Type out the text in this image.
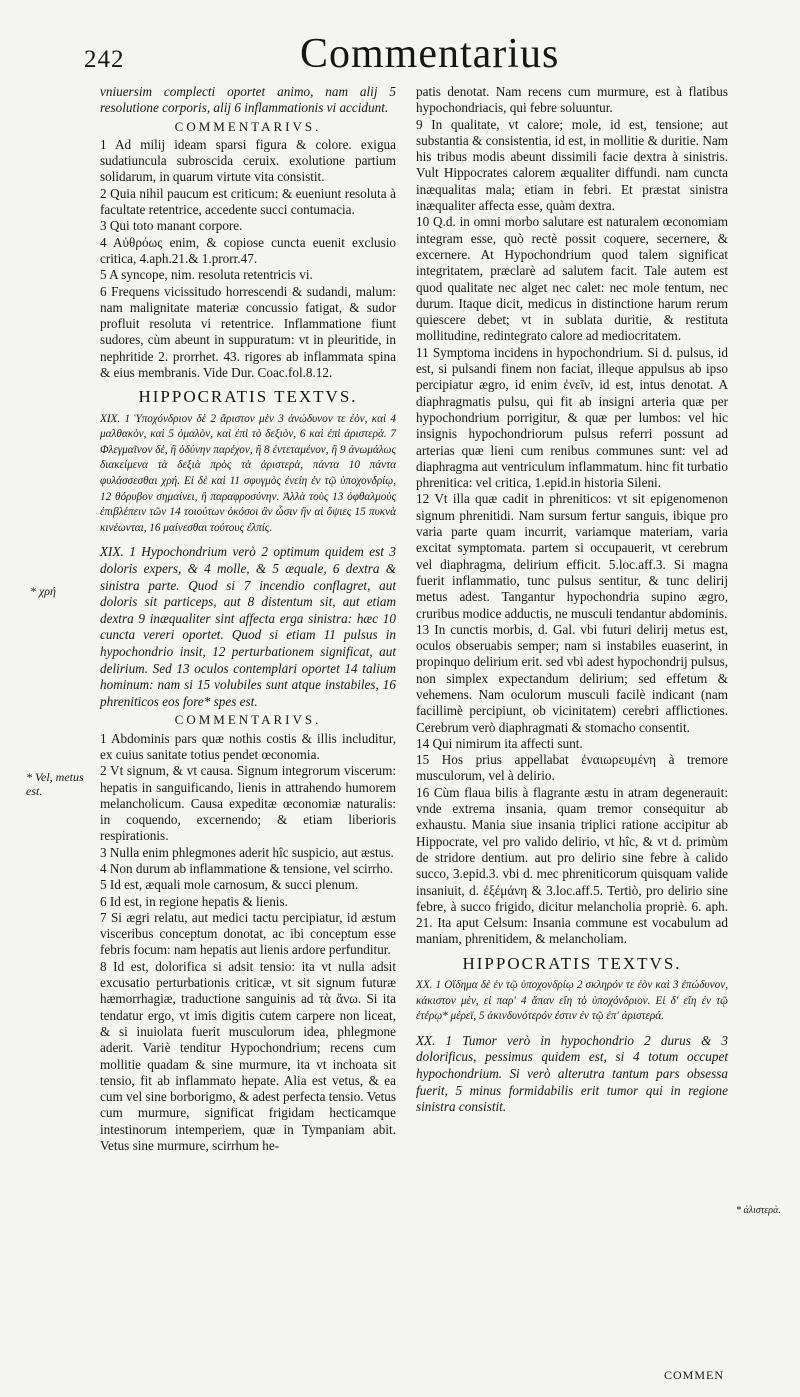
242	Commentarius

vniuersim complecti oportet animo, nam alij 5 resolutione corporis, alij 6 inflammationis vi accidunt.

COMMENTARIVS.

1 Ad milij ideam sparsi figura & colore. exigua sudatiuncula subroscida ceruix. exolutione partium solidarum, in quarum virtute vita consistit.

2 Quia nihil paucum est criticum: & eueniunt resoluta à facultate retentrice, accedente succi contumacia.

3 Qui toto manant corpore.

4 Αὐθρόως enim, & copiose cuncta euenit exclusio critica, 4.aph.21.& 1.prorr.47.

5 A syncope, nim. resoluta retentricis vi.

6 Frequens vicissitudo horrescendi & sudandi, malum: nam malignitate materiæ concussio fatigat, & sudor profluit resoluta vi retentrice. Inflammatione fiunt sudores, cùm abeunt in suppuratum: vt in pleuritide, in nephritide 2. prorrhet. 43. rigores ab inflammata spina & eius membranis. Vide Dur. Coac.fol.8.12.

HIPPOCRATIS TEXTVS.

XIX. 1 Ὑποχόνδριον δὲ 2 ἄριστον μὲν 3 ἀνώδυνον τε ἐὸν, καὶ 4 μαλθακὸν, καὶ 5 ὁμαλὸν, καὶ ἐπὶ τὸ δεξιὸν, 6 καὶ ἐπὶ ἀριστερά. 7 Φλεγμαῖνον δὲ, ἢ ὀδύνην παρέχον, ἢ 8 ἐντεταμένον, ἢ 9 ἀνωμάλως διακείμενα τὰ δεξιὰ πρὸς τὰ ἀριστερὰ, πάντα 10 πάντα φυλάσσεσθαι χρή. Εἰ δὲ καὶ 11 σφυγμὸς ἐνείη ἐν τῷ ὑποχονδρίῳ, 12 θόρυβον σημαίνει, ἢ παραφροσύνην. Ἀλλὰ τοὺς 13 ὀφθαλμοὺς ἐπιβλέπειν τῶν 14 τοιούτων ὁκόσοι ἂν ὦσιν ἢν αἱ ὄψιες 15 πυκνὰ κινέωνται, 16 μαίνεσθαι τούτους ἐλπίς.

XIX. 1 Hypochondrium verò 2 optimum quidem est 3 doloris expers, & 4 molle, & 5 æquale, 6 dextra & sinistra parte. Quod si 7 incendio conflagret, aut doloris sit particeps, aut 8 distentum sit, aut etiam dextra 9 inæqualiter sint affecta erga sinistra: hæc 10 cuncta vereri oportet. Quod si etiam 11 pulsus in hypochondrio insit, 12 perturbationem significat, aut delirium. Sed 13 oculos contemplari oportet 14 talium hominum: nam si 15 volubiles sunt atque instabiles, 16 phreniticos eos fore* spes est.

COMMENTARIVS.

1 Abdominis pars quæ nothis costis & illis includitur, ex cuius sanitate totius pendet œconomia.

2 Vt signum, & vt causa. Signum integrorum viscerum: hepatis in sanguificando, lienis in attrahendo humorem melancholicum. Causa expeditæ œconomiæ naturalis: in coquendo, excernendo; & etiam liberioris respirationis.

3 Nulla enim phlegmones aderit hîc suspicio, aut æstus.

4 Non durum ab inflammatione & tensione, vel scirrho.

5 Id est, æquali mole carnosum, & succi plenum.

6 Id est, in regione hepatis & lienis.

7 Si ægri relatu, aut medici tactu percipiatur, id æstum visceribus conceptum donotat, ac ibi conceptum esse febris focum: nam hepatis aut lienis ardore perfunditur.

8 Id est, dolorifica si adsit tensio: ita vt nulla adsit excusatio perturbationis criticæ, vt sit signum futuræ hæmorrhagiæ, traductione sanguinis ad τὰ ἄνω. Si ita tendatur ergo, vt imis digitis cutem carpere non liceat, & si inuiolata fuerit musculorum idea, phlegmone aderit. Variè tenditur Hypochondrium; recens cum mollitie quadam & sine murmure, ita vt inchoata sit tensio, fit ab inflammato hepate. Alia est vetus, & ea cum vel sine borborigmo, & adest perfecta tensio. Vetus cum murmure, significat frigidam hecticamque intestinorum intemperiem, quæ in Tympaniam abit. Vetus sine murmure, scirrhum he-

patis denotat. Nam recens cum murmure, est à flatibus hypochondriacis, qui febre soluuntur.

9 In qualitate, vt calore; mole, id est, tensione; aut substantia & consistentia, id est, in mollitie & duritie. Nam his tribus modis abeunt dissimili facie dextra à sinistris. Vult Hippocrates calorem æqualiter diffundi. nam cuncta inæqualitas mala; etiam in febri. Et præstat sinistra inæqualiter affecta esse, quàm dextra.

10 Q.d. in omni morbo salutare est naturalem œconomiam integram esse, quò rectè possit coquere, secernere, & excernere. At Hypochondrium quod talem significat integritatem, præclarè ad salutem facit. Tale autem est quod qualitate nec alget nec calet: nec mole tentum, nec durum. Itaque dicit, medicus in distinctione harum rerum quiescere debet; vt in sublata duritie, & restituta mollitudine, redintegrato calore ad mediocritatem.

11 Symptoma incidens in hypochondrium. Si d. pulsus, id est, si pulsandi finem non faciat, illeque appulsus ab ipso percipiatur ægro, id enim ἐνεῖν, id est, intus denotat. A diaphragmatis pulsu, qui fit ab insigni arteria quæ per hypochondrium porrigitur, & quæ per lumbos: vel hic insignis hypochondriorum pulsus referri possunt ad arterias quæ lieni cum renibus communes sunt: vel ad diaphragma aut ventriculum inflammatum. hinc fit turbatio phrenitica: vel critica, 1.epid.in historia Sileni.

12 Vt illa quæ cadit in phreniticos: vt sit epigenomenon signum phrenitidi. Nam sursum fertur sanguis, ibique pro varia parte quam incurrit, variamque materiam, varia excitat symptomata. partem si occupauerit, vt cerebrum vel diaphragma, delirium efficit. 5.loc.aff.3. Si magna fuerit inflammatio, tunc pulsus sentitur, & tunc delirij metus adest. Tangantur hypochondria supino ægro, cruribus modice adductis, ne musculi tendantur abdominis.

13 In cunctis morbis, d. Gal. vbi futuri delirij metus est, oculos obseruabis semper; nam si instabiles euaserint, in propinquo delirium erit. sed vbi adest hypochondrij pulsus, non simplex expectandum delirium; sed effetum & vehemens. Nam oculorum musculi facilè indicant (nam facillimè percipiunt, ob vicinitatem) cerebri afflictiones. Cerebrum verò diaphragmati & stomacho consentit.

14 Qui nimirum ita affecti sunt.

15 Hos prius appellabat ἐναιωρευμένη à tremore musculorum, vel à delirio.

16 Cùm flaua bilis à flagrante æstu in atram degenerauit: vnde extrema insania, quam tremor consequitur ab exhaustu. Mania siue insania triplici ratione accipitur ab Hippocrate, vel pro valido delirio, vt hîc, & vt d. primùm de stridore dentium. aut pro delirio sine febre à calido succo, 3.epid.3. vbi d. mec phreniticorum quisquam valide insaniuit, d. ἐξέμάνη & 3.loc.aff.5. Tertiò, pro delirio sine febre, à succo frigido, dicitur melancholia propriè. 6. aph. 21. Ita aput Celsum: Insania commune est vocabulum ad maniam, phrenitidem, & melancholiam.

HIPPOCRATIS TEXTVS.

XX. 1 Οἴδημα δὲ ἐν τῷ ὑποχονδρίῳ 2 σκληρόν τε ἐὸν καὶ 3 ἐπώδυνον, κάκιστον μὲν, εἰ παρ' 4 ἅπαν εἴη τὸ ὑποχόνδριον. Εἰ δ' εἴη ἐν τῷ ἑτέρῳ* μέρεϊ, 5 ἀκινδυνότερόν ἐστιν ἐν τῷ ἐπ' ἀριστερά.

XX. 1 Tumor verò in hypochondrio 2 durus & 3 dolorificus, pessimus quidem est, si 4 totum occupet hypochondrium. Si verò alterutra tantum pars obsessa fuerit, 5 minus formidabilis erit tumor qui in regione sinistra consistit.

* χρή
* Vel, metus est.
* ἀλιστερὰ.
COMMEN
